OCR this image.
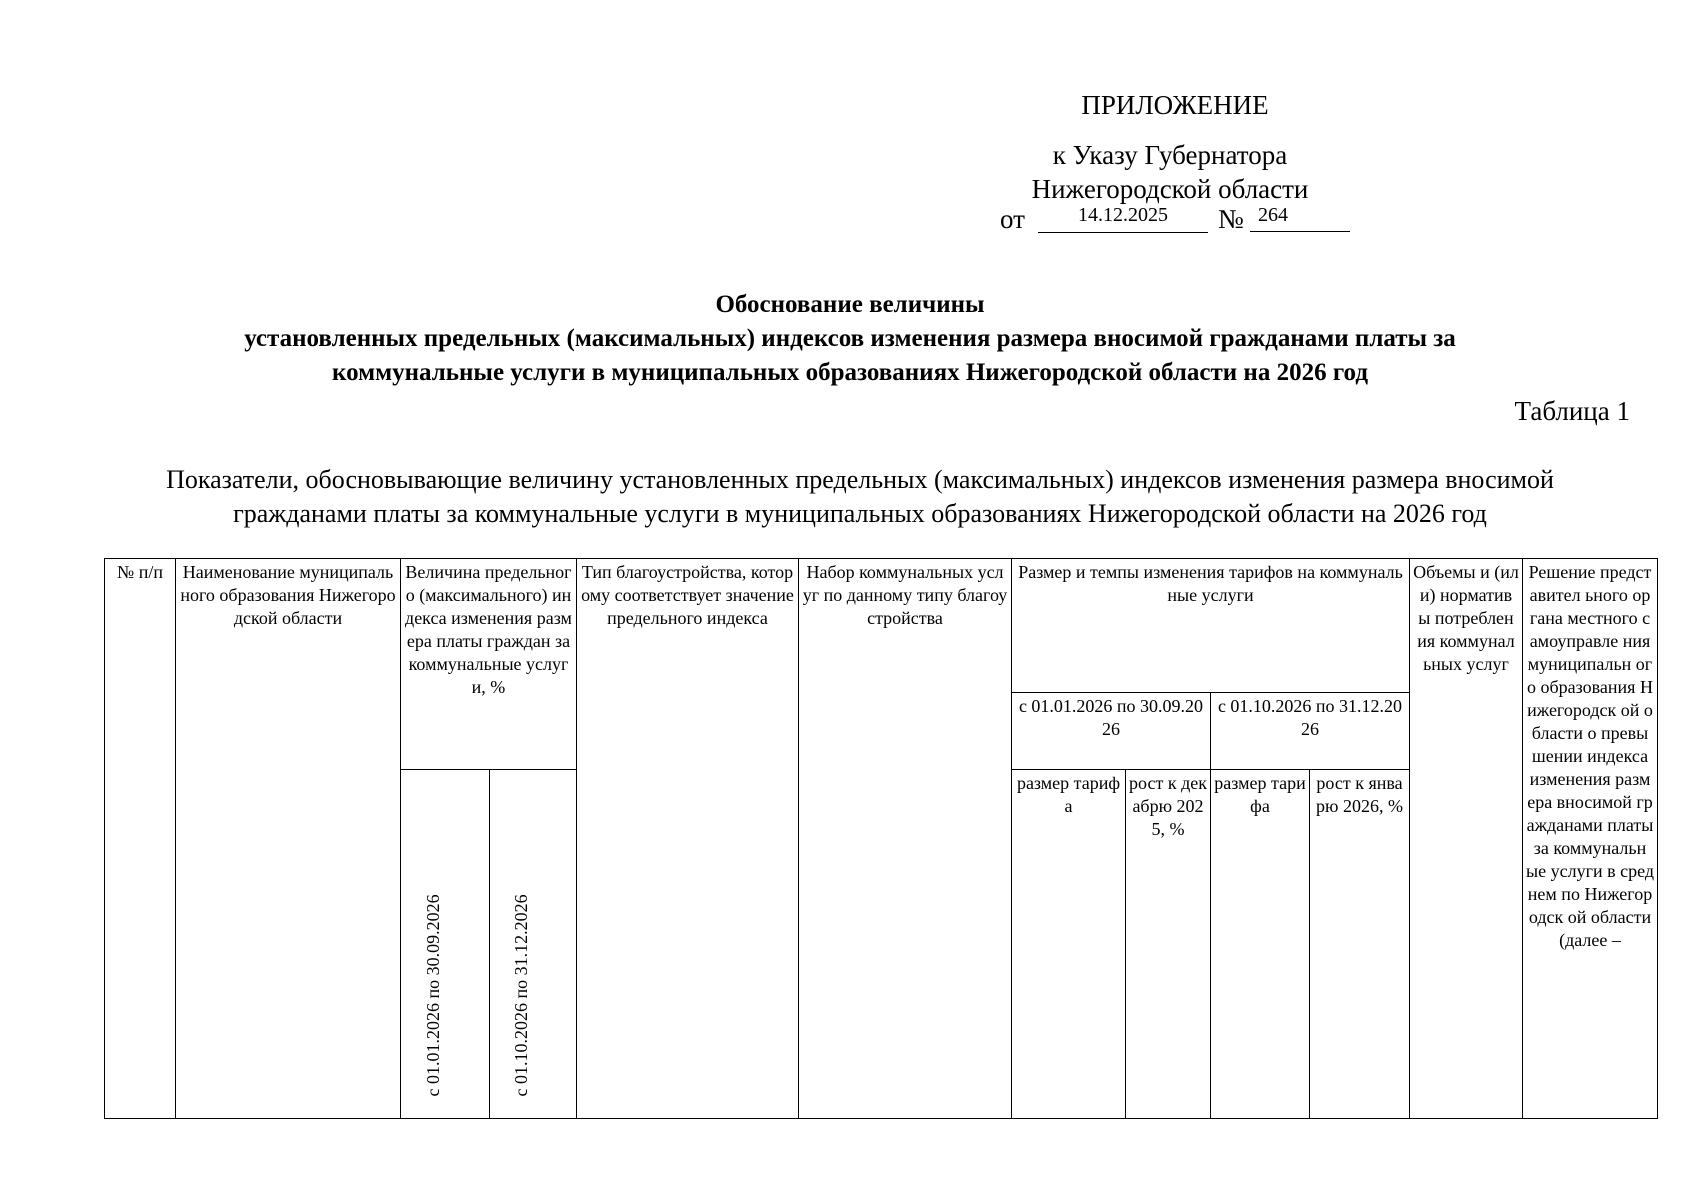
ПРИЛОЖЕНИЕ
к Указу Губернатора
Нижегородской области
от	14.12.2025	№ 264
Обоснование величины
установленных предельных (максимальных) индексов изменения размера вносимой гражданами платы за
коммунальные услуги в муниципальных образованиях Нижегородской области на 2026 год
Таблица 1
Показатели, обосновывающие величину установленных предельных (максимальных) индексов изменения размера вносимой
гражданами платы за коммунальные услуги в муниципальных образованиях Нижегородской области на 2026 год
№ п/п	Наименование муниципального образования Нижегородской области	Величина предельного (максимального) индекса изменения размера платы граждан за коммунальные услуги, %		Тип благоустройства, которому соответствует значение предельного индекса	Набор коммунальных услуг по данному типу благоустройства	Размер и темпы изменения тарифов на коммунальные услуги				Объемы и (или) норматив ы потреблен ия коммунал ьных услуг	Решение представител ьного органа местного самоуправле ния муниципальн ого образования Нижегородск ой области о превышении индекса изменения размера вносимой гражданами платы за коммунальн ые услуги в среднем по Нижегородск ой области (далее –
						с 01.01.2026 по 30.09.2026		с 01.10.2026 по 31.12.2026			

		с 01.01.2026 по 30.09.2026	с 01.10.2026 по 31.12.2026			размер тарифа	рост к декабрю 2025, %	размер тарифа	рост к январю 2026, %		
